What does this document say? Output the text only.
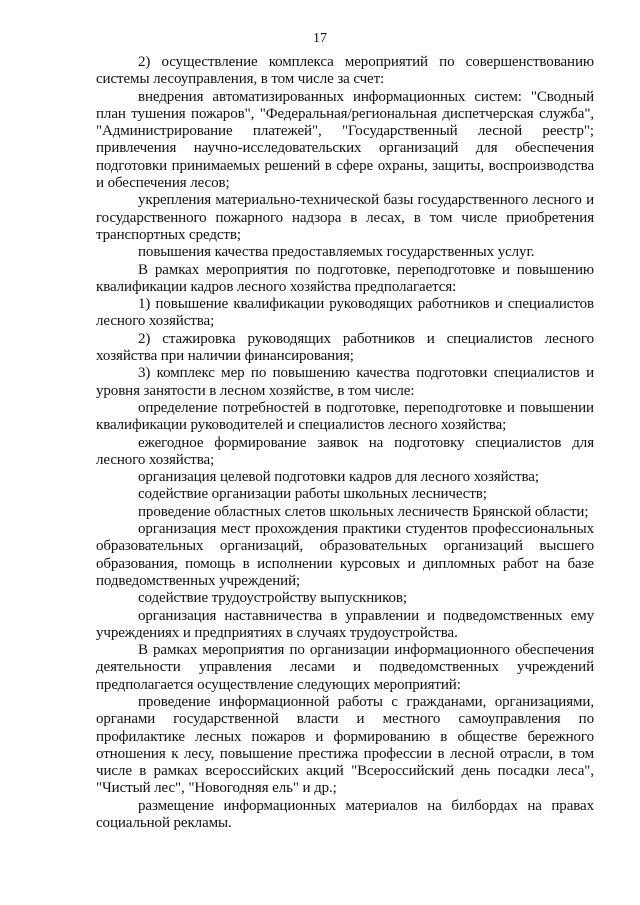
17

2) осуществление комплекса мероприятий по совершенствованию системы лесоуправления, в том числе за счет:

внедрения автоматизированных информационных систем: "Сводный план тушения пожаров", "Федеральная/региональная диспетчерская служба", "Администрирование платежей", "Государственный лесной реестр"; привлечения научно-исследовательских организаций для обеспечения подготовки принимаемых решений в сфере охраны, защиты, воспроизводства и обеспечения лесов;

укрепления материально-технической базы государственного лесного и государственного пожарного надзора в лесах, в том числе приобретения транспортных средств;

повышения качества предоставляемых государственных услуг.

В рамках мероприятия по подготовке, переподготовке и повышению квалификации кадров лесного хозяйства предполагается:

1) повышение квалификации руководящих работников и специалистов лесного хозяйства;

2) стажировка руководящих работников и специалистов лесного хозяйства при наличии финансирования;

3) комплекс мер по повышению качества подготовки специалистов и уровня занятости в лесном хозяйстве, в том числе:

определение потребностей в подготовке, переподготовке и повышении квалификации руководителей и специалистов лесного хозяйства;

ежегодное формирование заявок на подготовку специалистов для лесного хозяйства;

организация целевой подготовки кадров для лесного хозяйства;

содействие организации работы школьных лесничеств;

проведение областных слетов школьных лесничеств Брянской области;

организация мест прохождения практики студентов профессиональных образовательных организаций, образовательных организаций высшего образования, помощь в исполнении курсовых и дипломных работ на базе подведомственных учреждений;

содействие трудоустройству выпускников;

организация наставничества в управлении и подведомственных ему учреждениях и предприятиях в случаях трудоустройства.

В рамках мероприятия по организации информационного обеспечения деятельности управления лесами и подведомственных учреждений предполагается осуществление следующих мероприятий:

проведение информационной работы с гражданами, организациями, органами государственной власти и местного самоуправления по профилактике лесных пожаров и формированию в обществе бережного отношения к лесу, повышение престижа профессии в лесной отрасли, в том числе в рамках всероссийских акций "Всероссийский день посадки леса", "Чистый лес", "Новогодняя ель" и др.;

размещение информационных материалов на билбордах на правах социальной рекламы.
